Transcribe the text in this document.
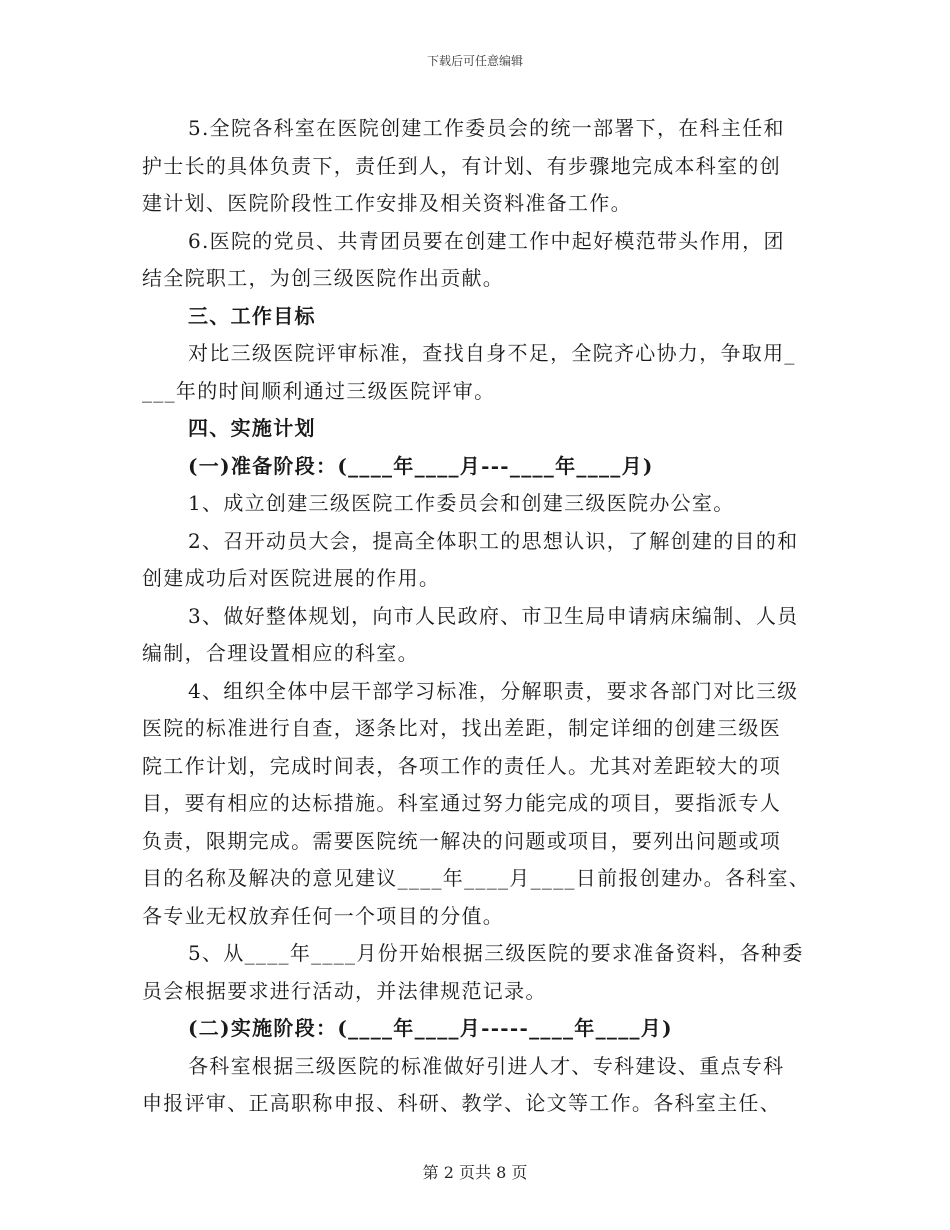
下载后可任意编辑
5.全院各科室在医院创建工作委员会的统一部署下，在科主任和
护士长的具体负责下，责任到人，有计划、有步骤地完成本科室的创
建计划、医院阶段性工作安排及相关资料准备工作。
6.医院的党员、共青团员要在创建工作中起好模范带头作用，团
结全院职工，为创三级医院作出贡献。
三、工作目标
对比三级医院评审标准，查找自身不足，全院齐心协力，争取用_
___年的时间顺利通过三级医院评审。
四、实施计划
(一)准备阶段：(____年____月---____年____月)
1、成立创建三级医院工作委员会和创建三级医院办公室。
2、召开动员大会，提高全体职工的思想认识，了解创建的目的和
创建成功后对医院进展的作用。
3、做好整体规划，向市人民政府、市卫生局申请病床编制、人员
编制，合理设置相应的科室。
4、组织全体中层干部学习标准，分解职责，要求各部门对比三级
医院的标准进行自查，逐条比对，找出差距，制定详细的创建三级医
院工作计划，完成时间表，各项工作的责任人。尤其对差距较大的项
目，要有相应的达标措施。科室通过努力能完成的项目，要指派专人
负责，限期完成。需要医院统一解决的问题或项目，要列出问题或项
目的名称及解决的意见建议____年____月____日前报创建办。各科室、
各专业无权放弃任何一个项目的分值。
5、从____年____月份开始根据三级医院的要求准备资料，各种委
员会根据要求进行活动，并法律规范记录。
(二)实施阶段：(____年____月-----____年____月)
各科室根据三级医院的标准做好引进人才、专科建设、重点专科
申报评审、正高职称申报、科研、教学、论文等工作。各科室主任、
第 2 页共 8 页
